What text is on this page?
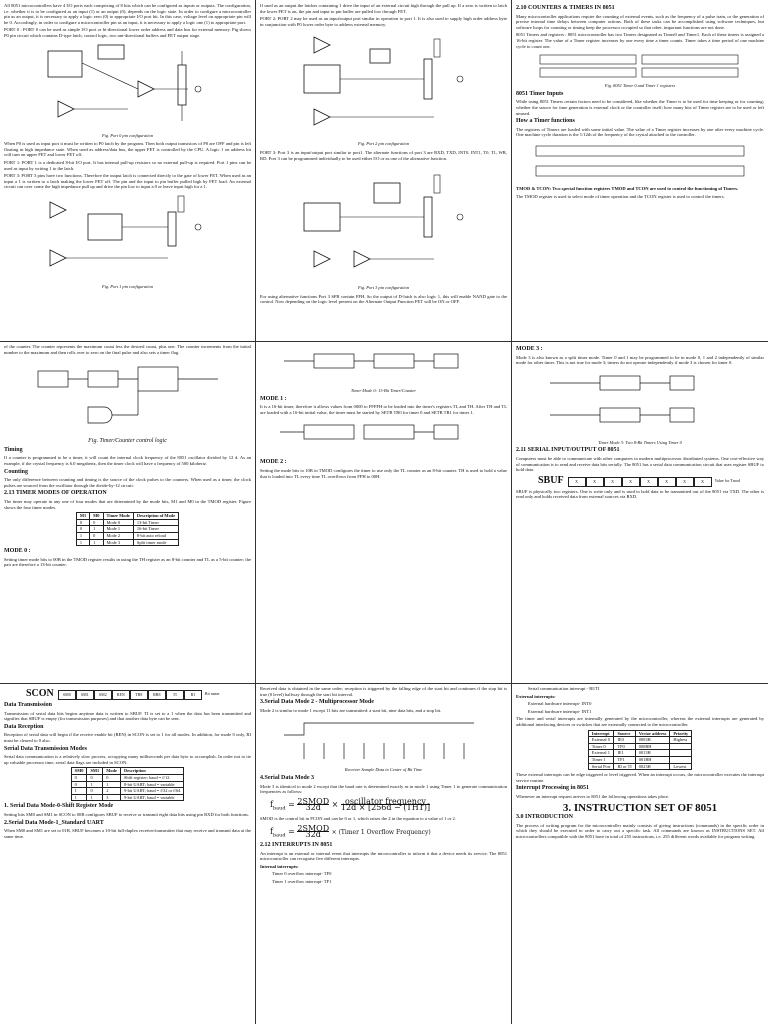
All 8051 microcontrollers have 4 I/O ports each comprising of 8 bits which can be configured as inputs or outputs. The configuration, i.e. whether it is to be configured as an input (1) or an output (0), depends on the logic state. In order to configure a microcontroller pin as an output, it is necessary to apply a logic zero (0) to appropriate I/O port bit. In this case, voltage level on appropriate pin will be 0. Accordingly, in order to configure a microcontroller pin as an input, it is necessary to apply a logic one (1) to appropriate port.

PORT 0 : PORT 0 can be used as simple I/O port or bi-directional lower order address and data bus for external memory. Pig shows P0 pin circuit which contains D-type latch, control logic, two uni-directional buffers and FET output stage.

Fig. Port 0 pin configuration

When P0 is used as input port it must be written to P0 latch by the program. Then both output transistors of P0 are OFF and pin is left floating in high impedance state. When used as address/data bus, the upper FET is controlled by the CPU. A logic 1 on address bit will turn on upper FET and lower FET off.

PORT 1: PORT 1 is a dedicated 8-bit I/O port. It has internal pull-up resistors so no external pull-up is required. Port 1 pins can be used as input by writing 1 to the latch.

PORT 3: PORT 3 pins have two functions. Therefore the output latch is connected directly to the gate of lower FET. When used as an input a 1 is written to a latch making the lower FET off. The pin and the input to pin buffer pulled high by FET load. An external circuit can over come the high impedance pull up and drive the pin low to input a 0 or leave input high for a 1.

Fig. Port 1 pin configuration

If used as an output the latches containing 1 drive the input of an external circuit high through the pull up. If a zero is written to latch the lower FET is on, the pin and input to pin buffer are pulled low through FET.

PORT 2: PORT 2 may be used as an input/output port similar in operation to port 1. It is also used to supply high order address byte in conjunction with P0 lower order byte to address external memory.

Fig. Port 2 pin configuration

PORT 3: Port 3 is an input/output port similar to port1. The alternate functions of port 3 are RXD, TXD, INT0, INT1, T0, T1, WR, RD. Port 3 can be programmed individually to be used either I/O or as one of the alternative function.

Fig. Port 3 pin configuration

For using alternative functions Port 3 SFR contain FFH. So the output of D-latch is also logic 1, this will enable NAND gate to the control. Now depending on the logic level present on the Alternate Output Function FET will be ON or OFF.

2.10 COUNTERS & TIMERS IN 8051

Many microcontroller applications require the counting of external events, such as the frequency of a pulse train, or the generation of precise internal time delays between computer actions. Both of these tasks can be accomplished using software techniques, but software loops for counting or timing keep the processor occupied so that other, important functions are not done.

8051 Timers and registers : 8051 microcontroller has two Timers designated as Timer0 and Timer1. Each of these timers is assigned a 16-bit register. The value of a Timer register increases by one every time a timer counts. Timer takes a time period of one machine cycle to count one.

Fig. 8051 Timer 0 and Timer 1 registers
8051 Timer Inputs

While using 8051 Timers certain factors need to be considered, like whether the Timer is to be used for time keeping or for counting; whether the source for time generation is external clock or the controller itself; how many bits of Timer register are to be used or left unused.

How a Timer functions

The registers of Timers are loaded with some initial value. The value of a Timer register increases by one after every machine cycle. One machine cycle duration is the 1/12th of the frequency of the crystal attached to the controller.

TMOD & TCON: Two special function registers TMOD and TCON are used to control the functioning of Timers.

The TMOD register is used to select mode of timer operation and the TCON register is used to control the timers.

of the counter. The counter represents the maximum count less the desired count, plus one. The counter increments from the initial number to the maximum and then rolls over to zero on the final pulse and also sets a timer flag.

Fig. Timer/Counter control logic
Timing

If a counter is programmed to be a timer, it will count the internal clock frequency of the 8051 oscillator divided by 12 d. As an example, if the crystal frequency is 6.0 megahertz, then the timer clock will have a frequency of 500 kilohertz.

Counting

The only difference between counting and timing is the source of the clock pulses to the counters. When used as a timer, the clock pulses are sourced from the oscillator through the divide-by-12 circuit.

2.13 TIMER MODES OF OPERATION

The timer may operate in any one of four modes that are determined by the mode bits, M1 and M0 in the TMOD register. Figure shows the four timer modes.

M1	M0	Timer Mode	Description of Mode
0	0	Mode 0	13-bit Timer
0	1	Mode 1	16-bit Timer
1	0	Mode 2	8-bit auto reload
1	1	Mode 3	Split timer mode
MODE 0 :

Setting timer mode bits to 00B in the TMOD register results in using the TH register as an 8-bit counter and TL as a 5-bit counter; the pair are therefore a 13-bit counter.

Timer Mode 0: 13-Bit Timer/Counter
MODE 1 :

It is a 16-bit timer, therefore it allows values from 0000 to FFFFH to be loaded into the timer's registers TL and TH. After TH and TL are loaded with a 16-bit initial value, the timer must be started by SETB TR0 for timer 0 and SETB TR1 for timer 1.

MODE 2 :

Setting the mode bits to 10B in TMOD configures the timer to use only the TL counter as an 8-bit counter. TH is used to hold a value that is loaded into TL every time TL overflows from FFH to 00H.

MODE 3 :

Mode 3 is also known as a split timer mode. Timer 0 and 1 may be programmed to be in mode 0, 1 and 2 independently of similar mode for other timer. This is not true for mode 3; timers do not operate independently if mode 3 is chosen for timer 0.

Timer Mode 3: Two 8-Bit Timers Using Timer 0
2.11 SERIAL INPUT/OUTPUT OF 8051

Computers must be able to communicate with other computers in modern multiprocessor distributed systems. One cost-effective way of communication is to send and receive data bits serially. The 8051 has a serial data communication circuit that uses register SBUF to hold data.

SBUF	X	X	X	X	X	X	X	X	Value for Tmod

SBUF is physically two registers. One is write only and is used to hold data to be transmitted out of the 8051 via TXD. The other is read only and holds received data from external sources via RXD.

SCON	SM0	SM1	SM2	REN	TB8	RB8	TI	RI	Bit name
Data Transmission

Transmission of serial data bits begins anytime data is written to SBUF. TI is set to a 1 when the data has been transmitted and signifies that SBUF is empty (for transmission purposes) and that another data byte can be sent.

Data Reception

Reception of serial data will begin if the receive enable bit (REN) in SCON is set to 1 for all modes. In addition, for mode 0 only, RI must be cleared to 0 also.

Serial Data Transmission Modes

Serial data communication is a relatively slow process, occupying many milliseconds per data byte to accomplish. In order not to tie up valuable processor time, serial data flags are included in SCON.

SM0	SM1	Mode	Description
0	0	0	Shift register; baud = f/12
0	1	1	8-bit UART; baud = variable
1	0	2	9-bit UART; baud = f/32 or f/64
1	1	3	9-bit UART; baud = variable
1. Serial Data Mode-0-Shift Register Mode

Setting bits SM0 and SM1 in SCON to 00B configures SBUF to receive or transmit eight data bits using pin RXD for both functions.

2.Serial Data Mode-1_Standard UART

When SM0 and SM1 are set to 01B, SBUF becomes a 10-bit full-duplex receiver/transmitter that may receive and transmit data at the same time.

Received data is obtained in the same order; reception is triggered by the falling edge of the start bit and continues if the stop bit is true (0 level) halfway through the start bit interval.

3.Serial Data Mode 2 - Multiprocessor Mode

Mode 2 is similar to mode 1 except 11 bits are transmitted: a start bit, nine data bits, and a stop bit.

Receiver Sample Data in Center of Bit Time
4.Serial Data Mode 3

Mode 3 is identical to mode 2 except that the baud rate is determined exactly as in mode 1 using Timer 1 to generate communication frequencies as follows:

$f_{baud} = \frac{\text{2SMOD}}{32d} \times \frac{\text{oscillator frequency}}{12d \times [256d - (TH1)]}$

SMOD is the control bit in PCON and can be 0 or 1, which raises the 2 in the equation to a value of 1 or 2.

$f_{baud} = \frac{\text{2SMOD}}{32d}$ × (Timer 1 Overflow Frequency)
2.12 INTERRUPTS IN 8051

An interrupt is an external or internal event that interrupts the microcontroller to inform it that a device needs its service. The 8051 microcontroller can recognise five different interrupts.

Internal interrupts:

Timer 0 overflow interrupt- TF0

Timer 1 overflow interrupt- TF1

Serial communication interrupt - RI/TI

External interrupts:

External hardware interrupt- INT0

External hardware interrupt- INT1

The timer and serial interrupts are internally generated by the microcontroller, whereas the external interrupts are generated by additional interfacing devices or switches that are externally connected to the microcontroller.

Interrupt	Source	Vector address	Priority
External 0	IE0	0003H	Highest
Timer 0	TF0	000BH	
External 1	IE1	0013H	
Timer 1	TF1	001BH	
Serial Port	RI or TI	0023H	Lowest

These external interrupts can be edge triggered or level triggered. When an interrupt occurs, the microcontroller executes the interrupt service routine.

Interrupt Processing in 8051

Whenever an interrupt request arrives to 8051 the following operations takes place.

3. INSTRUCTION SET OF 8051
3.0 INTRODUCTION

The process of writing program for the microcontroller mainly consists of giving instructions (commands) in the specific order in which they should be executed in order to carry out a specific task. All commands are known as INSTRUCTIONS SET. All microcontrollers compatible with the 8051 have in total of 255 instructions, i.e. 255 different words available for program writing.
